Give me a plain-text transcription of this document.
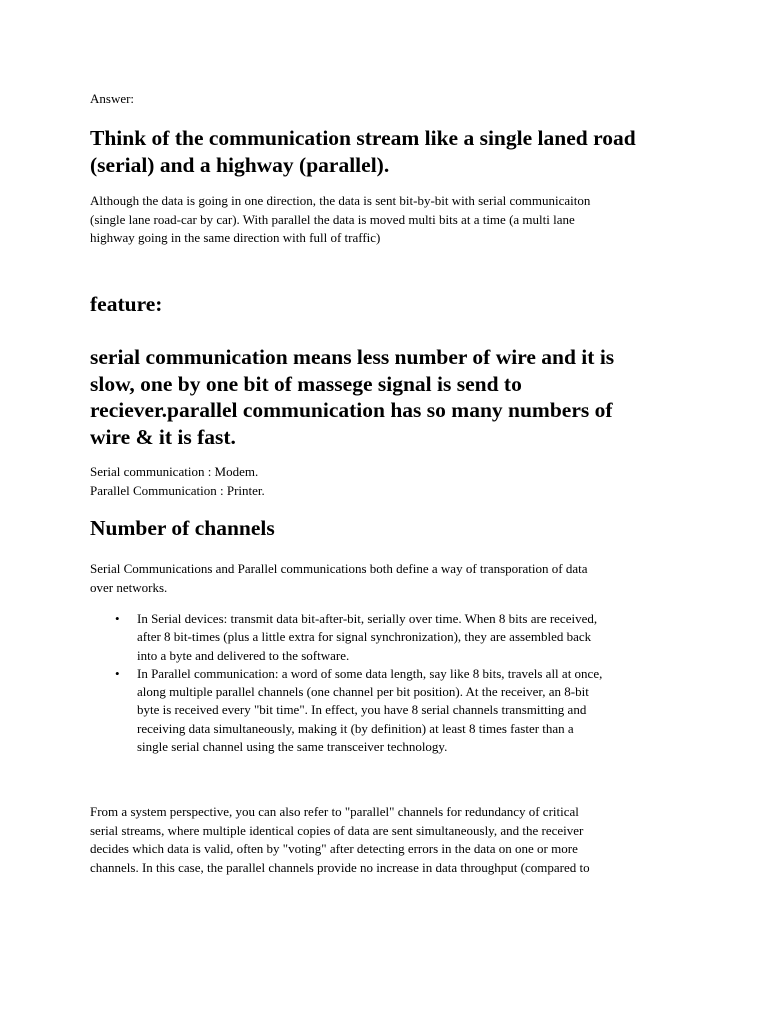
Answer:

Think of the communication stream like a single laned road
(serial) and a highway (parallel).

Although the data is going in one direction, the data is sent bit-by-bit with serial communicaiton
(single lane road-car by car). With parallel the data is moved multi bits at a time (a multi lane
highway going in the same direction with full of traffic)

feature:
serial communication means less number of wire and it is
slow, one by one bit of massege signal is send to
reciever.parallel communication has so many numbers of
wire & it is fast.

Serial communication : Modem.
Parallel Communication : Printer.

Number of channels

Serial Communications and Parallel communications both define a way of transporation of data
over networks.

• In Serial devices: transmit data bit-after-bit, serially over time. When 8 bits are received,
after 8 bit-times (plus a little extra for signal synchronization), they are assembled back
into a byte and delivered to the software.
• In Parallel communication: a word of some data length, say like 8 bits, travels all at once,
along multiple parallel channels (one channel per bit position). At the receiver, an 8-bit
byte is received every "bit time". In effect, you have 8 serial channels transmitting and
receiving data simultaneously, making it (by definition) at least 8 times faster than a
single serial channel using the same transceiver technology.

From a system perspective, you can also refer to "parallel" channels for redundancy of critical
serial streams, where multiple identical copies of data are sent simultaneously, and the receiver
decides which data is valid, often by "voting" after detecting errors in the data on one or more
channels. In this case, the parallel channels provide no increase in data throughput (compared to
